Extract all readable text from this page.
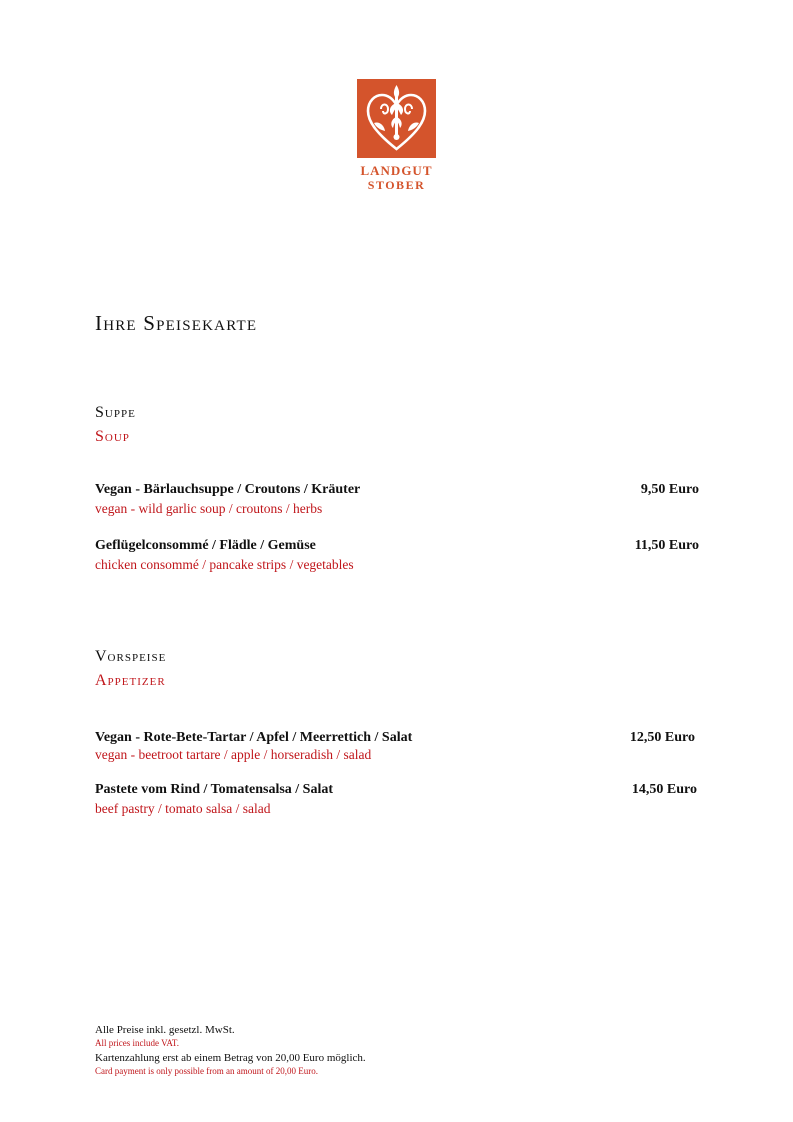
LANDGUT
STOBER
Ihre Speisekarte
Suppe
Soup
Vegan - Bärlauchsuppe / Croutons / Kräuter	9,50 Euro
vegan - wild garlic soup / croutons / herbs
Geflügelconsommé / Flädle / Gemüse	11,50 Euro
chicken consommé / pancake strips / vegetables
Vorspeise
Appetizer
Vegan - Rote-Bete-Tartar / Apfel / Meerrettich / Salat	12,50 Euro
vegan - beetroot tartare / apple / horseradish / salad
Pastete vom Rind / Tomatensalsa / Salat	14,50 Euro
beef pastry / tomato salsa / salad
Alle Preise inkl. gesetzl. MwSt.
All prices include VAT.
Kartenzahlung erst ab einem Betrag von 20,00 Euro möglich.
Card payment is only possible from an amount of 20,00 Euro.
